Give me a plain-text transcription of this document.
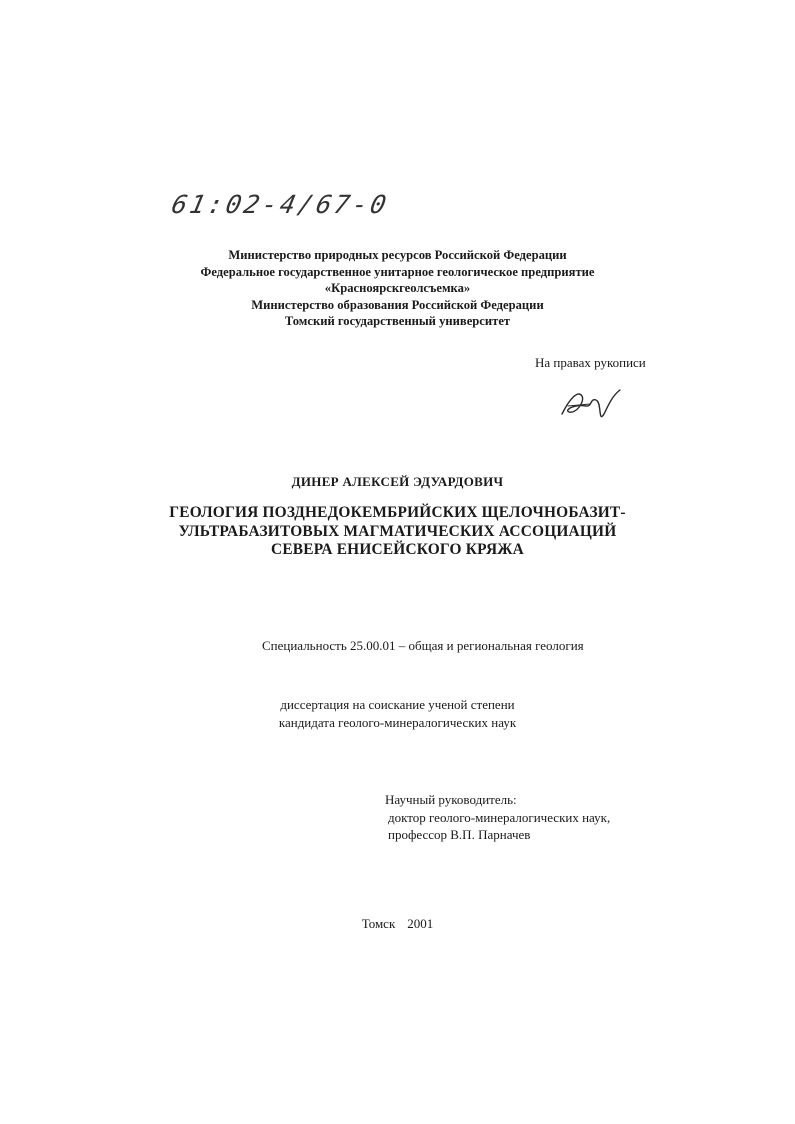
61:02-4/67-0
Министерство природных ресурсов Российской Федерации
Федеральное государственное унитарное геологическое предприятие
«Красноярскгеолсъемка»
Министерство образования Российской Федерации
Томский государственный университет
На правах рукописи
ДИНЕР АЛЕКСЕЙ ЭДУАРДОВИЧ
ГЕОЛОГИЯ ПОЗДНЕДОКЕМБРИЙСКИХ ЩЕЛОЧНОБАЗИТ-
УЛЬТРАБАЗИТОВЫХ МАГМАТИЧЕСКИХ АССОЦИАЦИЙ
СЕВЕРА ЕНИСЕЙСКОГО КРЯЖА
Специальность 25.00.01 – общая и региональная геология
диссертация на соискание ученой степени
кандидата геолого-минералогических наук
Научный руководитель:
доктор геолого-минералогических наук,
профессор В.П. Парначев
Томск 2001
